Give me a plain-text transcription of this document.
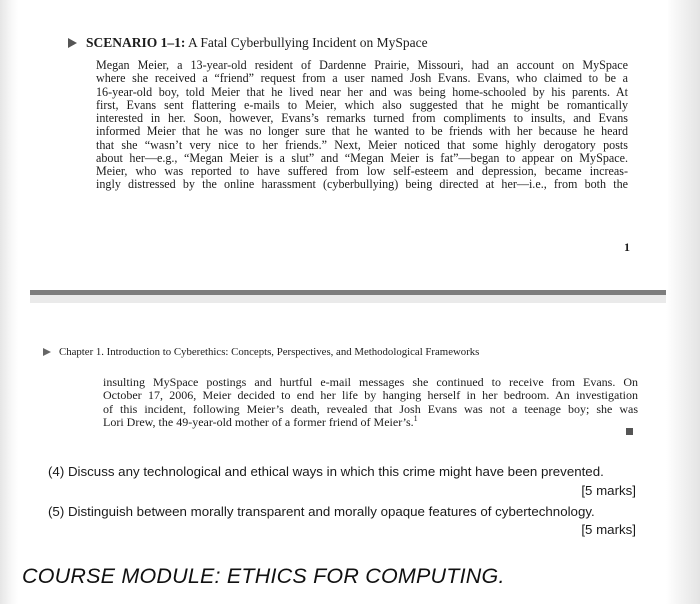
SCENARIO 1–1: A Fatal Cyberbullying Incident on MySpace
Megan Meier, a 13-year-old resident of Dardenne Prairie, Missouri, had an account on MySpace
where she received a “friend” request from a user named Josh Evans. Evans, who claimed to be a
16-year-old boy, told Meier that he lived near her and was being home-schooled by his parents. At
first, Evans sent flattering e-mails to Meier, which also suggested that he might be romantically
interested in her. Soon, however, Evans’s remarks turned from compliments to insults, and Evans
informed Meier that he was no longer sure that he wanted to be friends with her because he heard
that she “wasn’t very nice to her friends.” Next, Meier noticed that some highly derogatory posts
about her—e.g., “Megan Meier is a slut” and “Megan Meier is fat”—began to appear on MySpace.
Meier, who was reported to have suffered from low self-esteem and depression, became increas-
ingly distressed by the online harassment (cyberbullying) being directed at her—i.e., from both the
1
Chapter 1. Introduction to Cyberethics: Concepts, Perspectives, and Methodological Frameworks
insulting MySpace postings and hurtful e-mail messages she continued to receive from Evans. On
October 17, 2006, Meier decided to end her life by hanging herself in her bedroom. An investigation
of this incident, following Meier’s death, revealed that Josh Evans was not a teenage boy; she was
Lori Drew, the 49-year-old mother of a former friend of Meier’s.$^1$
(4) Discuss any technological and ethical ways in which this crime might have been prevented.
[5 marks]
(5) Distinguish between morally transparent and morally opaque features of cybertechnology.
[5 marks]
COURSE MODULE: ETHICS FOR COMPUTING.
